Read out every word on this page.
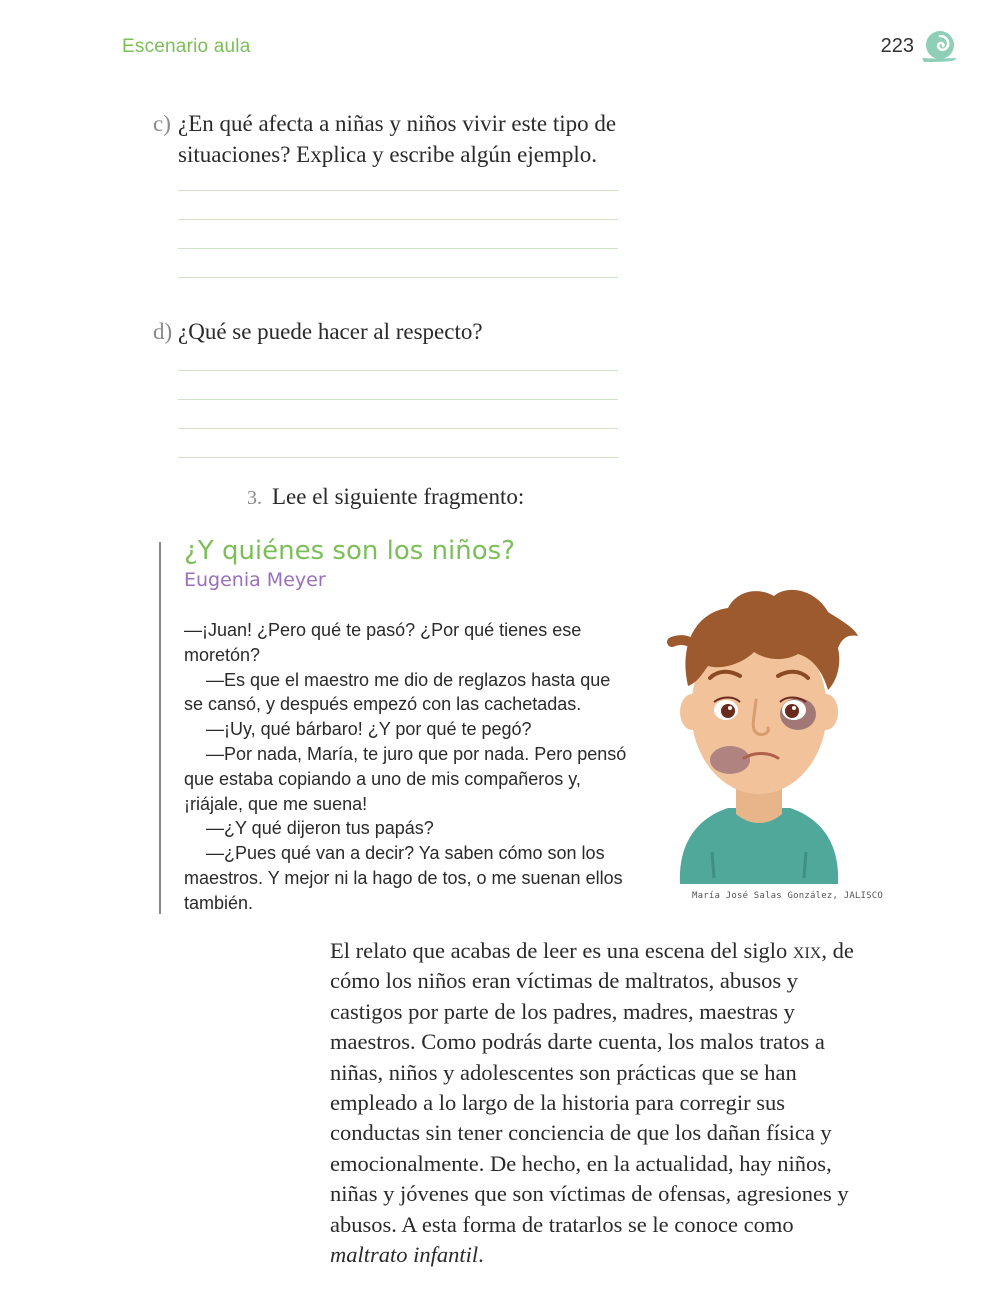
Escenario aula	223
c) ¿En qué afecta a niñas y niños vivir este tipo de situaciones? Explica y escribe algún ejemplo.
d) ¿Qué se puede hacer al respecto?
3. Lee el siguiente fragmento:
¿Y quiénes son los niños?
Eugenia Meyer

—¡Juan! ¿Pero qué te pasó? ¿Por qué tienes ese moretón?

—Es que el maestro me dio de reglazos hasta que se cansó, y después empezó con las cachetadas.

—¡Uy, qué bárbaro! ¿Y por qué te pegó?

—Por nada, María, te juro que por nada. Pero pensó que estaba copiando a uno de mis compañeros y, ¡riájale, que me suena!

—¿Y qué dijeron tus papás?

—¿Pues qué van a decir? Ya saben cómo son los maestros. Y mejor ni la hago de tos, o me suenan ellos también.	María José Salas González, JALISCO
El relato que acabas de leer es una escena del siglo xix, de cómo los niños eran víctimas de maltratos, abusos y castigos por parte de los padres, madres, maestras y maestros. Como podrás darte cuenta, los malos tratos a niñas, niños y adolescentes son prácticas que se han empleado a lo largo de la historia para corregir sus conductas sin tener conciencia de que los dañan física y emocionalmente. De hecho, en la actualidad, hay niños, niñas y jóvenes que son víctimas de ofensas, agresiones y abusos. A esta forma de tratarlos se le conoce como maltrato infantil.
